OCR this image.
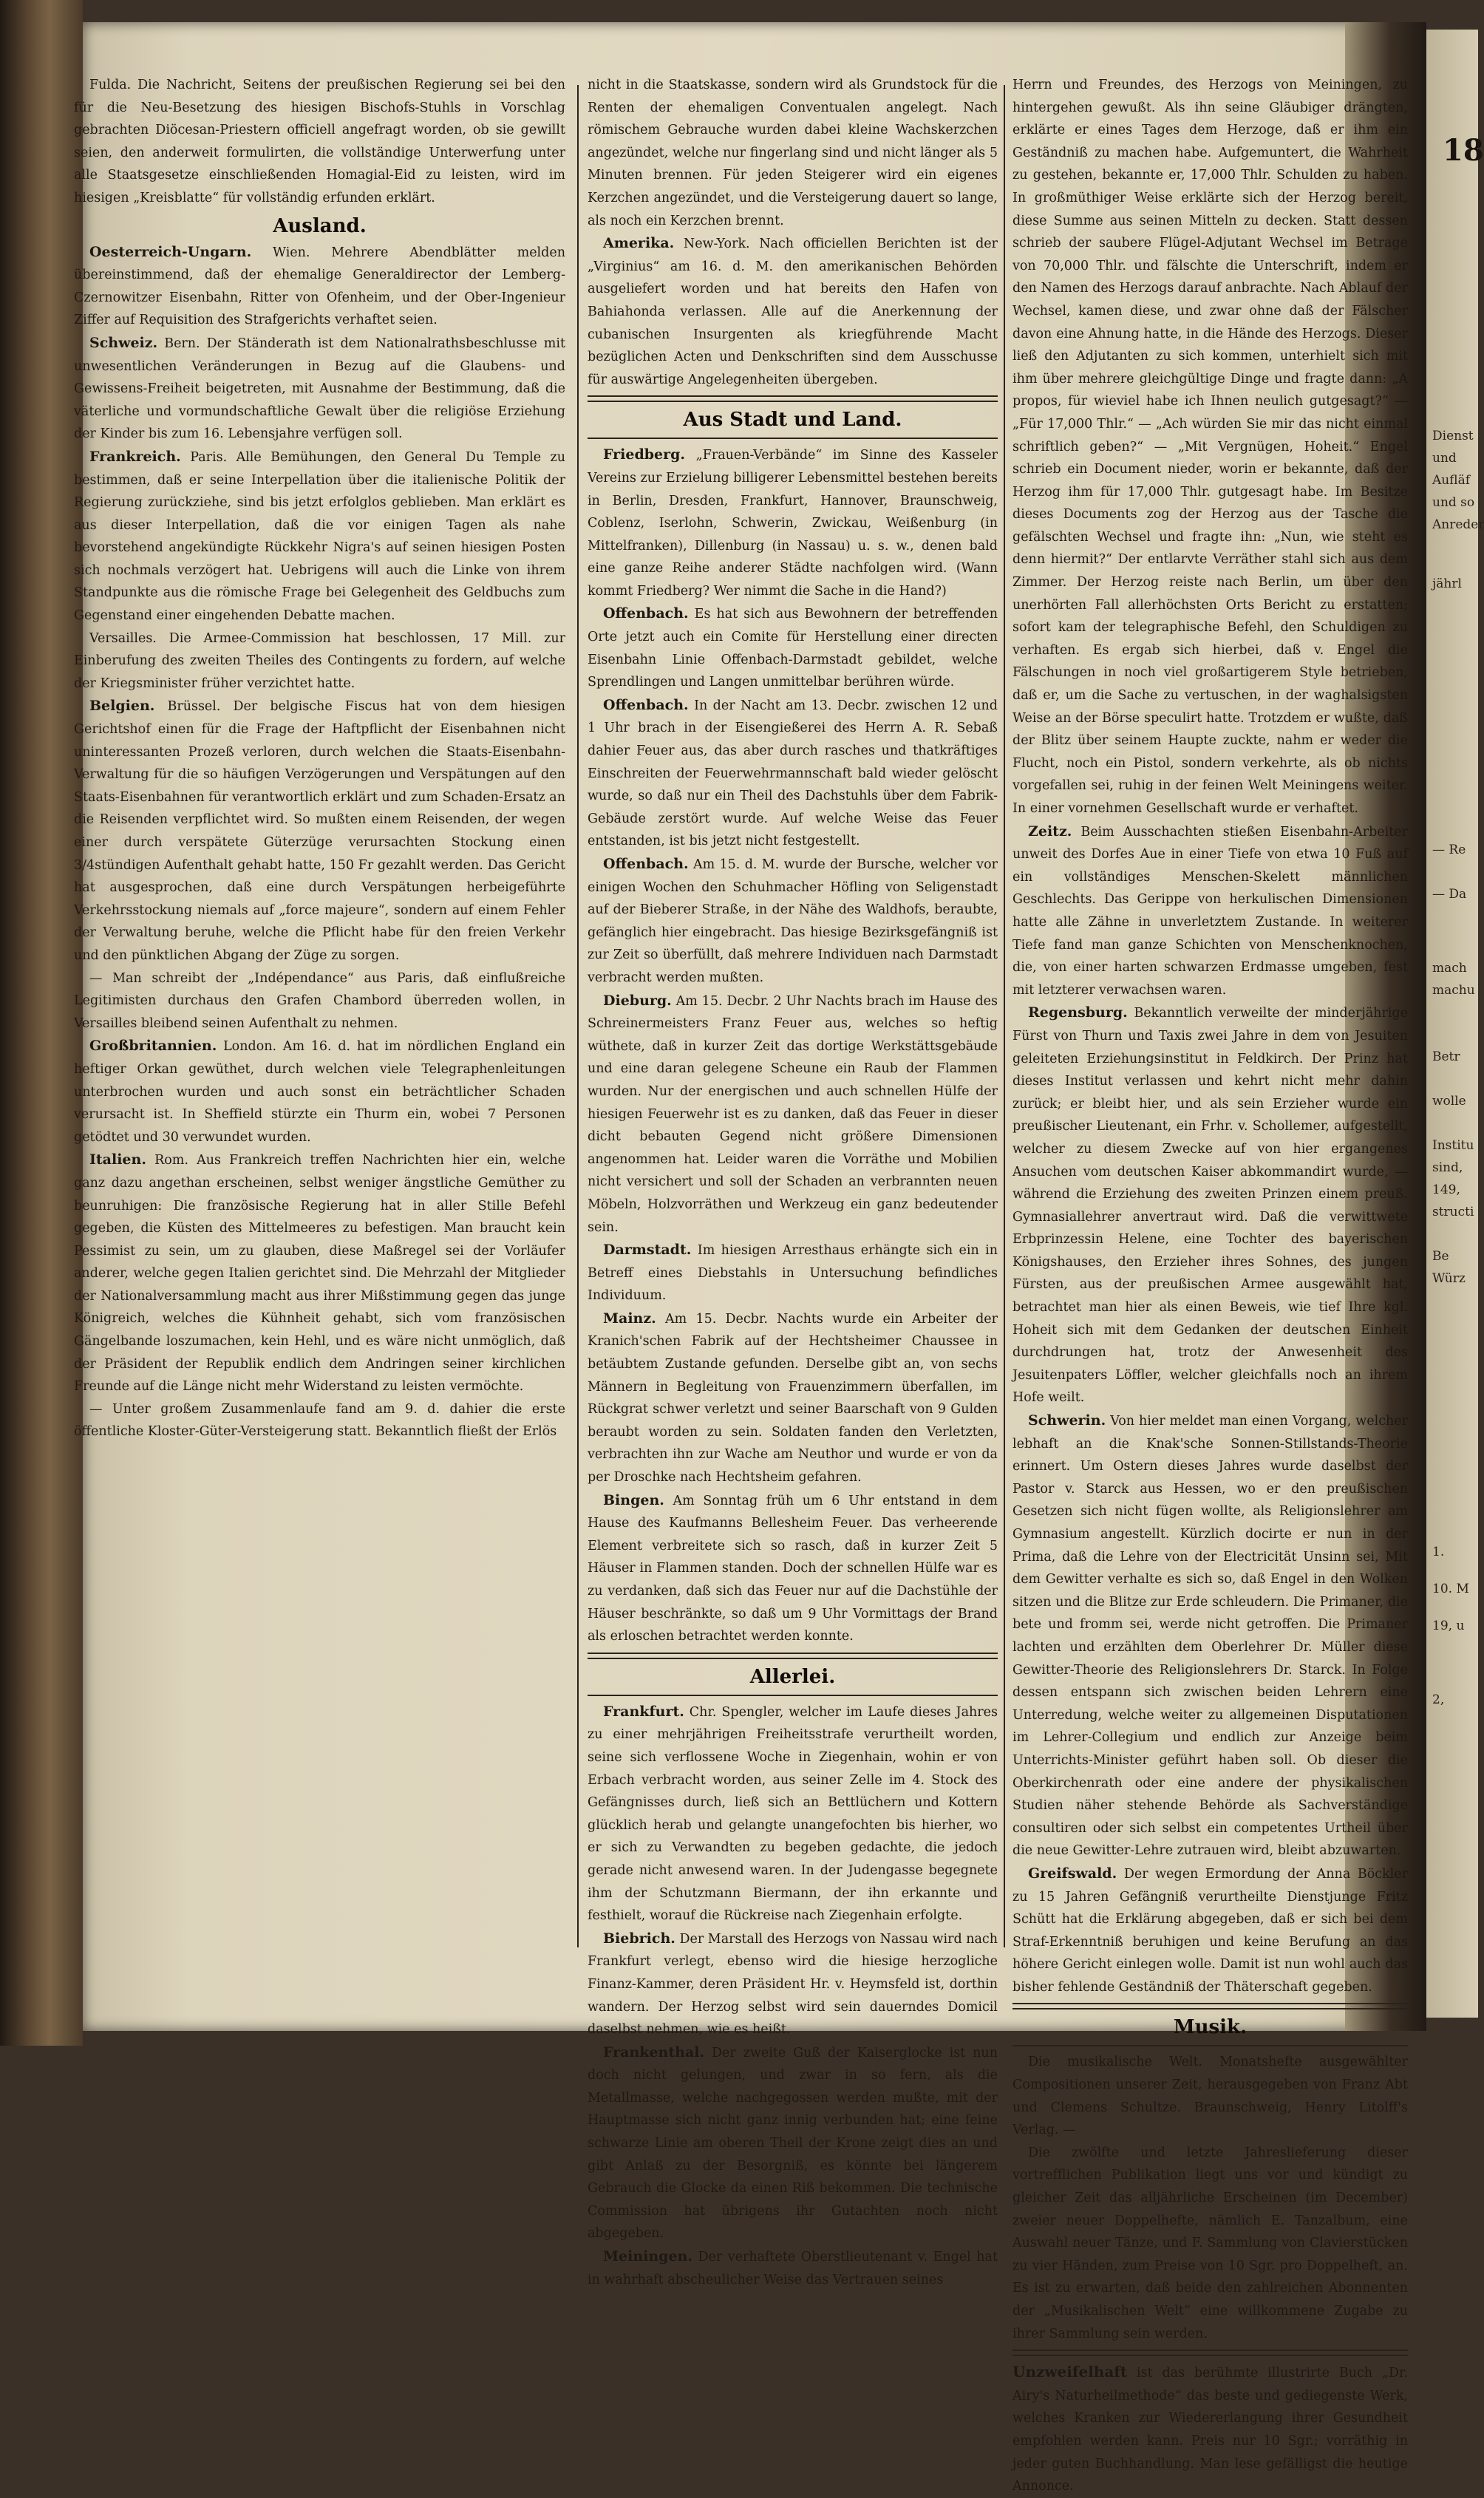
18
Dienst
und
Aufläf
und so
Anreder
jährl
— Re
— Da
mach
machu
Betr
wolle
Institu
sind,
149,
structi
Be
Würz
1.
10. M
19, u
2,

Fulda. Die Nachricht, Seitens der preußischen Regierung sei bei den für die Neu-Besetzung des hiesigen Bischofs-Stuhls in Vorschlag gebrachten Diöcesan-Priestern officiell angefragt worden, ob sie gewillt seien, den anderweit formulirten, die vollständige Unterwerfung unter alle Staatsgesetze einschließenden Homagial-Eid zu leisten, wird im hiesigen „Kreisblatte“ für vollständig erfunden erklärt.

Ausland.

Oesterreich-Ungarn. Wien. Mehrere Abendblätter melden übereinstimmend, daß der ehemalige Generaldirector der Lemberg-Czernowitzer Eisenbahn, Ritter von Ofenheim, und der Ober-Ingenieur Ziffer auf Requisition des Strafgerichts verhaftet seien.

Schweiz. Bern. Der Ständerath ist dem Nationalrathsbeschlusse mit unwesentlichen Veränderungen in Bezug auf die Glaubens- und Gewissens-Freiheit beigetreten, mit Ausnahme der Bestimmung, daß die väterliche und vormundschaftliche Gewalt über die religiöse Erziehung der Kinder bis zum 16. Lebensjahre verfügen soll.

Frankreich. Paris. Alle Bemühungen, den General Du Temple zu bestimmen, daß er seine Interpellation über die italienische Politik der Regierung zurückziehe, sind bis jetzt erfolglos geblieben. Man erklärt es aus dieser Interpellation, daß die vor einigen Tagen als nahe bevorstehend angekündigte Rückkehr Nigra's auf seinen hiesigen Posten sich nochmals verzögert hat. Uebrigens will auch die Linke von ihrem Standpunkte aus die römische Frage bei Gelegenheit des Geldbuchs zum Gegenstand einer eingehenden Debatte machen.

Versailles. Die Armee-Commission hat beschlossen, 17 Mill. zur Einberufung des zweiten Theiles des Contingents zu fordern, auf welche der Kriegsminister früher verzichtet hatte.

Belgien. Brüssel. Der belgische Fiscus hat von dem hiesigen Gerichtshof einen für die Frage der Haftpflicht der Eisenbahnen nicht uninteressanten Prozeß verloren, durch welchen die Staats-Eisenbahn-Verwaltung für die so häufigen Verzögerungen und Verspätungen auf den Staats-Eisenbahnen für verantwortlich erklärt und zum Schaden-Ersatz an die Reisenden verpflichtet wird. So mußten einem Reisenden, der wegen einer durch verspätete Güterzüge verursachten Stockung einen 3/4stündigen Aufenthalt gehabt hatte, 150 Fr gezahlt werden. Das Gericht hat ausgesprochen, daß eine durch Verspätungen herbeigeführte Verkehrsstockung niemals auf „force majeure“, sondern auf einem Fehler der Verwaltung beruhe, welche die Pflicht habe für den freien Verkehr und den pünktlichen Abgang der Züge zu sorgen.

— Man schreibt der „Indépendance“ aus Paris, daß einflußreiche Legitimisten durchaus den Grafen Chambord überreden wollen, in Versailles bleibend seinen Aufenthalt zu nehmen.

Großbritannien. London. Am 16. d. hat im nördlichen England ein heftiger Orkan gewüthet, durch welchen viele Telegraphenleitungen unterbrochen wurden und auch sonst ein beträchtlicher Schaden verursacht ist. In Sheffield stürzte ein Thurm ein, wobei 7 Personen getödtet und 30 verwundet wurden.

Italien. Rom. Aus Frankreich treffen Nachrichten hier ein, welche ganz dazu angethan erscheinen, selbst weniger ängstliche Gemüther zu beunruhigen: Die französische Regierung hat in aller Stille Befehl gegeben, die Küsten des Mittelmeeres zu befestigen. Man braucht kein Pessimist zu sein, um zu glauben, diese Maßregel sei der Vorläufer anderer, welche gegen Italien gerichtet sind. Die Mehrzahl der Mitglieder der Nationalversammlung macht aus ihrer Mißstimmung gegen das junge Königreich, welches die Kühnheit gehabt, sich vom französischen Gängelbande loszumachen, kein Hehl, und es wäre nicht unmöglich, daß der Präsident der Republik endlich dem Andringen seiner kirchlichen Freunde auf die Länge nicht mehr Widerstand zu leisten vermöchte.

— Unter großem Zusammenlaufe fand am 9. d. dahier die erste öffentliche Kloster-Güter-Versteigerung statt. Bekanntlich fließt der Erlös

nicht in die Staatskasse, sondern wird als Grundstock für die Renten der ehemaligen Conventualen angelegt. Nach römischem Gebrauche wurden dabei kleine Wachskerzchen angezündet, welche nur fingerlang sind und nicht länger als 5 Minuten brennen. Für jeden Steigerer wird ein eigenes Kerzchen angezündet, und die Versteigerung dauert so lange, als noch ein Kerzchen brennt.

Amerika. New-York. Nach officiellen Berichten ist der „Virginius“ am 16. d. M. den amerikanischen Behörden ausgeliefert worden und hat bereits den Hafen von Bahiahonda verlassen. Alle auf die Anerkennung der cubanischen Insurgenten als kriegführende Macht bezüglichen Acten und Denkschriften sind dem Ausschusse für auswärtige Angelegenheiten übergeben.

Aus Stadt und Land.

Friedberg. „Frauen-Verbände“ im Sinne des Kasseler Vereins zur Erzielung billigerer Lebensmittel bestehen bereits in Berlin, Dresden, Frankfurt, Hannover, Braunschweig, Coblenz, Iserlohn, Schwerin, Zwickau, Weißenburg (in Mittelfranken), Dillenburg (in Nassau) u. s. w., denen bald eine ganze Reihe anderer Städte nachfolgen wird. (Wann kommt Friedberg? Wer nimmt die Sache in die Hand?)

Offenbach. Es hat sich aus Bewohnern der betreffenden Orte jetzt auch ein Comite für Herstellung einer directen Eisenbahn Linie Offenbach-Darmstadt gebildet, welche Sprendlingen und Langen unmittelbar berühren würde.

Offenbach. In der Nacht am 13. Decbr. zwischen 12 und 1 Uhr brach in der Eisengießerei des Herrn A. R. Sebaß dahier Feuer aus, das aber durch rasches und thatkräftiges Einschreiten der Feuerwehrmannschaft bald wieder gelöscht wurde, so daß nur ein Theil des Dachstuhls über dem Fabrik-Gebäude zerstört wurde. Auf welche Weise das Feuer entstanden, ist bis jetzt nicht festgestellt.

Offenbach. Am 15. d. M. wurde der Bursche, welcher vor einigen Wochen den Schuhmacher Höfling von Seligenstadt auf der Bieberer Straße, in der Nähe des Waldhofs, beraubte, gefänglich hier eingebracht. Das hiesige Bezirksgefängniß ist zur Zeit so überfüllt, daß mehrere Individuen nach Darmstadt verbracht werden mußten.

Dieburg. Am 15. Decbr. 2 Uhr Nachts brach im Hause des Schreinermeisters Franz Feuer aus, welches so heftig wüthete, daß in kurzer Zeit das dortige Werkstättsgebäude und eine daran gelegene Scheune ein Raub der Flammen wurden. Nur der energischen und auch schnellen Hülfe der hiesigen Feuerwehr ist es zu danken, daß das Feuer in dieser dicht bebauten Gegend nicht größere Dimensionen angenommen hat. Leider waren die Vorräthe und Mobilien nicht versichert und soll der Schaden an verbrannten neuen Möbeln, Holzvorräthen und Werkzeug ein ganz bedeutender sein.

Darmstadt. Im hiesigen Arresthaus erhängte sich ein in Betreff eines Diebstahls in Untersuchung befindliches Individuum.

Mainz. Am 15. Decbr. Nachts wurde ein Arbeiter der Kranich'schen Fabrik auf der Hechtsheimer Chaussee in betäubtem Zustande gefunden. Derselbe gibt an, von sechs Männern in Begleitung von Frauenzimmern überfallen, im Rückgrat schwer verletzt und seiner Baarschaft von 9 Gulden beraubt worden zu sein. Soldaten fanden den Verletzten, verbrachten ihn zur Wache am Neuthor und wurde er von da per Droschke nach Hechtsheim gefahren.

Bingen. Am Sonntag früh um 6 Uhr entstand in dem Hause des Kaufmanns Bellesheim Feuer. Das verheerende Element verbreitete sich so rasch, daß in kurzer Zeit 5 Häuser in Flammen standen. Doch der schnellen Hülfe war es zu verdanken, daß sich das Feuer nur auf die Dachstühle der Häuser beschränkte, so daß um 9 Uhr Vormittags der Brand als erloschen betrachtet werden konnte.

Allerlei.

Frankfurt. Chr. Spengler, welcher im Laufe dieses Jahres zu einer mehrjährigen Freiheitsstrafe verurtheilt worden, seine sich verflossene Woche in Ziegenhain, wohin er von Erbach verbracht worden, aus seiner Zelle im 4. Stock des Gefängnisses durch, ließ sich an Bettlüchern und Kottern glücklich herab und gelangte unangefochten bis hierher, wo er sich zu Verwandten zu begeben gedachte, die jedoch gerade nicht anwesend waren. In der Judengasse begegnete ihm der Schutzmann Biermann, der ihn erkannte und festhielt, worauf die Rückreise nach Ziegenhain erfolgte.

Biebrich. Der Marstall des Herzogs von Nassau wird nach Frankfurt verlegt, ebenso wird die hiesige herzogliche Finanz-Kammer, deren Präsident Hr. v. Heymsfeld ist, dorthin wandern. Der Herzog selbst wird sein dauerndes Domicil daselbst nehmen, wie es heißt.

Frankenthal. Der zweite Guß der Kaiserglocke ist nun doch nicht gelungen, und zwar in so fern, als die Metallmasse, welche nachgegossen werden mußte, mit der Hauptmasse sich nicht ganz innig verbunden hat; eine feine schwarze Linie am oberen Theil der Krone zeigt dies an und gibt Anlaß zu der Besorgniß, es könnte bei längerem Gebrauch die Glocke da einen Riß bekommen. Die technische Commission hat übrigens ihr Gutachten noch nicht abgegeben.

Meiningen. Der verhaftete Oberstlieutenant v. Engel hat in wahrhaft abscheulicher Weise das Vertrauen seines

Herrn und Freundes, des Herzogs von Meiningen, zu hintergehen gewußt. Als ihn seine Gläubiger drängten, erklärte er eines Tages dem Herzoge, daß er ihm ein Geständniß zu machen habe. Aufgemuntert, die Wahrheit zu gestehen, bekannte er, 17,000 Thlr. Schulden zu haben. In großmüthiger Weise erklärte sich der Herzog bereit, diese Summe aus seinen Mitteln zu decken. Statt dessen schrieb der saubere Flügel-Adjutant Wechsel im Betrage von 70,000 Thlr. und fälschte die Unterschrift, indem er den Namen des Herzogs darauf anbrachte. Nach Ablauf der Wechsel, kamen diese, und zwar ohne daß der Fälscher davon eine Ahnung hatte, in die Hände des Herzogs. Dieser ließ den Adjutanten zu sich kommen, unterhielt sich mit ihm über mehrere gleichgültige Dinge und fragte dann: „A propos, für wieviel habe ich Ihnen neulich gutgesagt?“ — „Für 17,000 Thlr.“ — „Ach würden Sie mir das nicht einmal schriftlich geben?“ — „Mit Vergnügen, Hoheit.“ Engel schrieb ein Document nieder, worin er bekannte, daß der Herzog ihm für 17,000 Thlr. gutgesagt habe. Im Besitze dieses Documents zog der Herzog aus der Tasche die gefälschten Wechsel und fragte ihn: „Nun, wie steht es denn hiermit?“ Der entlarvte Verräther stahl sich aus dem Zimmer. Der Herzog reiste nach Berlin, um über den unerhörten Fall allerhöchsten Orts Bericht zu erstatten; sofort kam der telegraphische Befehl, den Schuldigen zu verhaften. Es ergab sich hierbei, daß v. Engel die Fälschungen in noch viel großartigerem Style betrieben, daß er, um die Sache zu vertuschen, in der waghalsigsten Weise an der Börse speculirt hatte. Trotzdem er wußte, daß der Blitz über seinem Haupte zuckte, nahm er weder die Flucht, noch ein Pistol, sondern verkehrte, als ob nichts vorgefallen sei, ruhig in der feinen Welt Meiningens weiter. In einer vornehmen Gesellschaft wurde er verhaftet.

Zeitz. Beim Ausschachten stießen Eisenbahn-Arbeiter unweit des Dorfes Aue in einer Tiefe von etwa 10 Fuß auf ein vollständiges Menschen-Skelett männlichen Geschlechts. Das Gerippe von herkulischen Dimensionen hatte alle Zähne in unverletztem Zustande. In weiterer Tiefe fand man ganze Schichten von Menschenknochen, die, von einer harten schwarzen Erdmasse umgeben, fest mit letzterer verwachsen waren.

Regensburg. Bekanntlich verweilte der minderjährige Fürst von Thurn und Taxis zwei Jahre in dem von Jesuiten geleiteten Erziehungsinstitut in Feldkirch. Der Prinz hat dieses Institut verlassen und kehrt nicht mehr dahin zurück; er bleibt hier, und als sein Erzieher wurde ein preußischer Lieutenant, ein Frhr. v. Schollemer, aufgestellt, welcher zu diesem Zwecke auf von hier ergangenes Ansuchen vom deutschen Kaiser abkommandirt wurde, — während die Erziehung des zweiten Prinzen einem preuß. Gymnasiallehrer anvertraut wird. Daß die verwittwete Erbprinzessin Helene, eine Tochter des bayerischen Königshauses, den Erzieher ihres Sohnes, des jungen Fürsten, aus der preußischen Armee ausgewählt hat, betrachtet man hier als einen Beweis, wie tief Ihre kgl. Hoheit sich mit dem Gedanken der deutschen Einheit durchdrungen hat, trotz der Anwesenheit des Jesuitenpaters Löffler, welcher gleichfalls noch an ihrem Hofe weilt.

Schwerin. Von hier meldet man einen Vorgang, welcher lebhaft an die Knak'sche Sonnen-Stillstands-Theorie erinnert. Um Ostern dieses Jahres wurde daselbst der Pastor v. Starck aus Hessen, wo er den preußischen Gesetzen sich nicht fügen wollte, als Religionslehrer am Gymnasium angestellt. Kürzlich docirte er nun in der Prima, daß die Lehre von der Electricität Unsinn sei, Mit dem Gewitter verhalte es sich so, daß Engel in den Wolken sitzen und die Blitze zur Erde schleudern. Die Primaner, die bete und fromm sei, werde nicht getroffen. Die Primaner lachten und erzählten dem Oberlehrer Dr. Müller diese Gewitter-Theorie des Religionslehrers Dr. Starck. In Folge dessen entspann sich zwischen beiden Lehrern eine Unterredung, welche weiter zu allgemeinen Disputationen im Lehrer-Collegium und endlich zur Anzeige beim Unterrichts-Minister geführt haben soll. Ob dieser die Oberkirchenrath oder eine andere der physikalischen Studien näher stehende Behörde als Sachverständige consultiren oder sich selbst ein competentes Urtheil über die neue Gewitter-Lehre zutrauen wird, bleibt abzuwarten.

Greifswald. Der wegen Ermordung der Anna Böckler zu 15 Jahren Gefängniß verurtheilte Dienstjunge Fritz Schütt hat die Erklärung abgegeben, daß er sich bei dem Straf-Erkenntniß beruhigen und keine Berufung an das höhere Gericht einlegen wolle. Damit ist nun wohl auch das bisher fehlende Geständniß der Thäterschaft gegeben.

Musik.

Die musikalische Welt. Monatshefte ausgewählter Compositionen unserer Zeit, herausgegeben von Franz Abt und Clemens Schultze. Braunschweig, Henry Litolff's Verlag. —

Die zwölfte und letzte Jahreslieferung dieser vortrefflichen Publikation liegt uns vor und kündigt zu gleicher Zeit das alljährliche Erscheinen (im December) zweier neuer Doppelhefte, nämlich E. Tanzalbum, eine Auswahl neuer Tänze, und F. Sammlung von Clavierstücken zu vier Händen, zum Preise von 10 Sgr. pro Doppelheft, an. Es ist zu erwarten, daß beide den zahlreichen Abonnenten der „Musikalischen Welt“ eine willkommene Zugabe zu ihrer Sammlung sein werden.

Unzweifelhaft ist das berühmte illustrirte Buch „Dr. Airy's Naturheilmethode“ das beste und gediegenste Werk, welches Kranken zur Wiedererlangung ihrer Gesundheit empfohlen werden kann. Preis nur 10 Sgr.; vorräthig in jeder guten Buchhandlung. Man lese gefälligst die heutige Annonce.
